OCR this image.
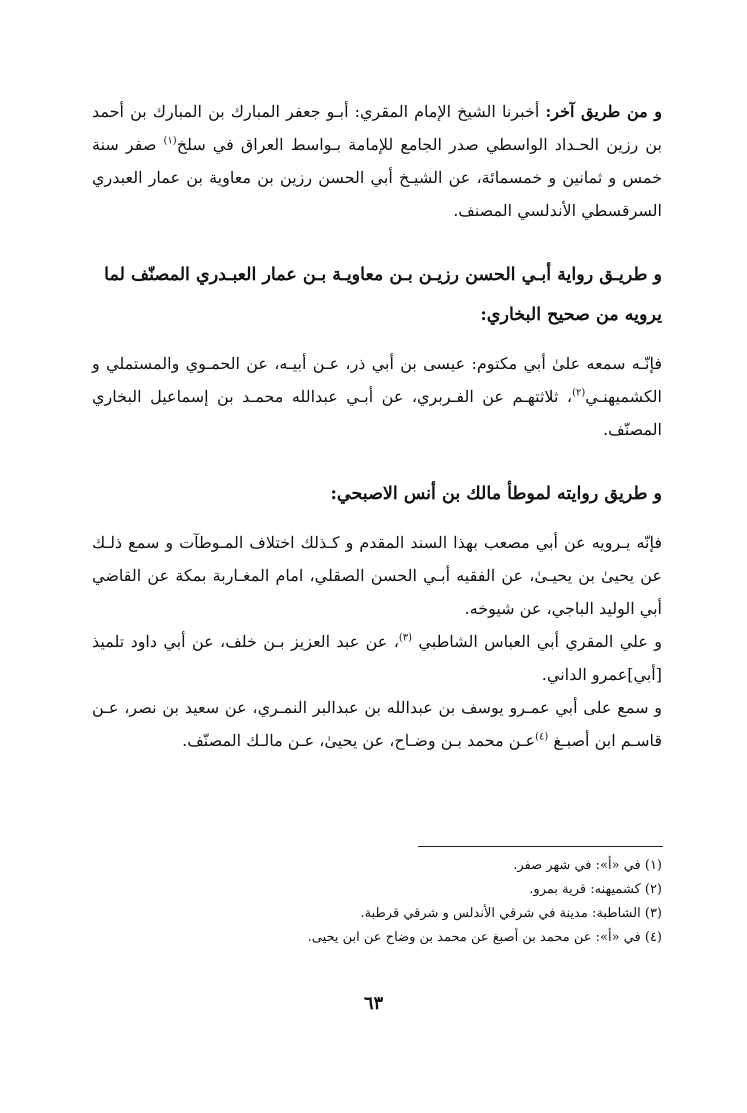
و من طريق آخر: أخبرنا الشيخ الإمام المقري: أبـو جعفر المبارك بن المبارك بن أحمد بن رزين الحـداد الواسطي صدر الجامع للإمامة بـواسط العراق في سلخ$^{(١)}$ صفر سنة خمس و ثمانين و خمسمائة، عن الشيـخ أبي الحسن رزين بن معاوية بن عمار العبدري السرقسطي الأندلسي المصنف.

و طريـق رواية أبـي الحسن رزيـن بـن معاويـة بـن عمار العبـدري المصنّف لما يرويه من صحيح البخاري:

فإنّـه سمعه علىٰ أبي مكتوم: عيسى بن أبي ذر، عـن أبيـه، عن الحمـوي والمستملي و الكشميهنـي$^{(٢)}$، ثلاثتهـم عن الفـربري، عن أبـي عبدالله محمـد بن إسماعيل البخاري المصنّف.

و طريق روايته لموطأ مالك بن أنس الاصبحي:

فإنّه يـرويه عن أبي مصعب بهذا السند المقدم و كـذلك اختلاف المـوطآت و سمع ذلـك عن يحيىٰ بن يحيـىٰ، عن الفقيه أبـي الحسن الصقلي، امام المغـاربة بمكة عن القاضي أبي الوليد الباجي، عن شيوخه.

و علي المقري أبي العباس الشاطبي $^{(٣)}$، عن عبد العزيز بـن خلف، عن أبي داود تلميذ [أبي]عمرو الداني.

و سمع على أبي عمـرو يوسف بن عبدالله بن عبدالبر النمـري، عن سعيد بن نصر، عـن قاسـم ابن أصبـغ $^{(٤)}$عـن محمد بـن وضـاح، عن يحيىٰ، عـن مالـك المصنّف.

(١) في «أ»: في شهر صفر.
(٢) كشميهنه: قرية بمرو.
(٣) الشاطبة: مدينة في شرقي الأندلس و شرقي قرطبة.
(٤) في «أ»: عن محمد بن أصبغ عن محمد بن وضاح عن ابن يحيى.
٦٣
